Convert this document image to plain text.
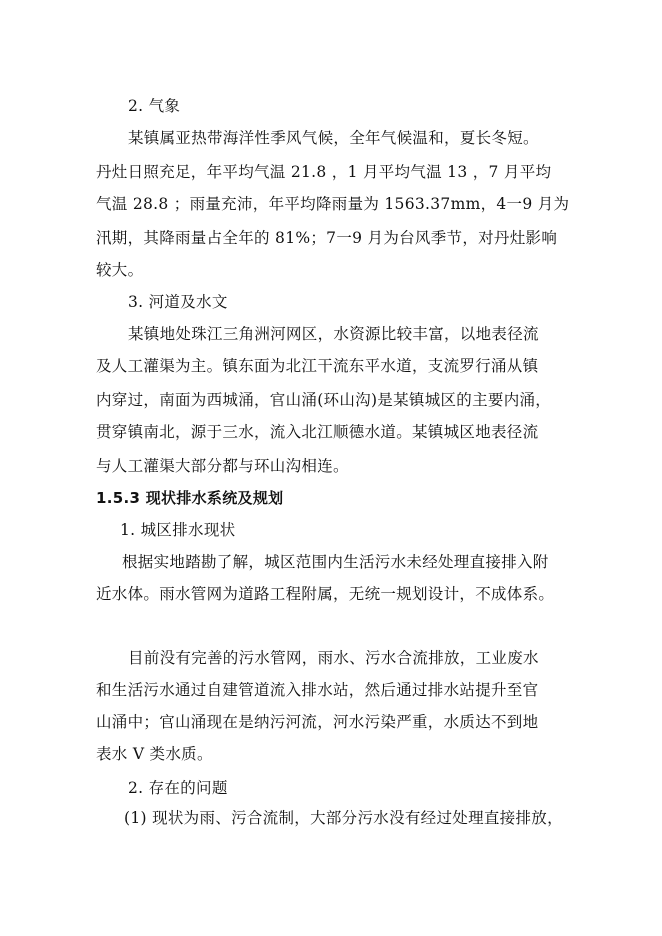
2. 气象
某镇属亚热带海洋性季风气候，全年气候温和，夏长冬短。
丹灶日照充足，年平均气温 21.8 ，1 月平均气温 13 ，7 月平均
气温 28.8 ；雨量充沛，年平均降雨量为 1563.37mm，4一9 月为
汛期，其降雨量占全年的 81%；7一9 月为台风季节，对丹灶影响
较大。
3. 河道及水文
某镇地处珠江三角洲河网区，水资源比较丰富，以地表径流
及人工灌渠为主。镇东面为北江干流东平水道，支流罗行涌从镇
内穿过，南面为西城涌，官山涌(环山沟)是某镇城区的主要内涌，
贯穿镇南北，源于三水，流入北江顺德水道。某镇城区地表径流
与人工灌渠大部分都与环山沟相连。
1.5.3 现状排水系统及规划
1. 城区排水现状
根据实地踏勘了解，城区范围内生活污水未经处理直接排入附
近水体。雨水管网为道路工程附属，无统一规划设计，不成体系。
目前没有完善的污水管网，雨水、污水合流排放，工业废水
和生活污水通过自建管道流入排水站，然后通过排水站提升至官
山涌中；官山涌现在是纳污河流，河水污染严重，水质达不到地
表水 V 类水质。
2. 存在的问题
(1) 现状为雨、污合流制，大部分污水没有经过处理直接排放，
